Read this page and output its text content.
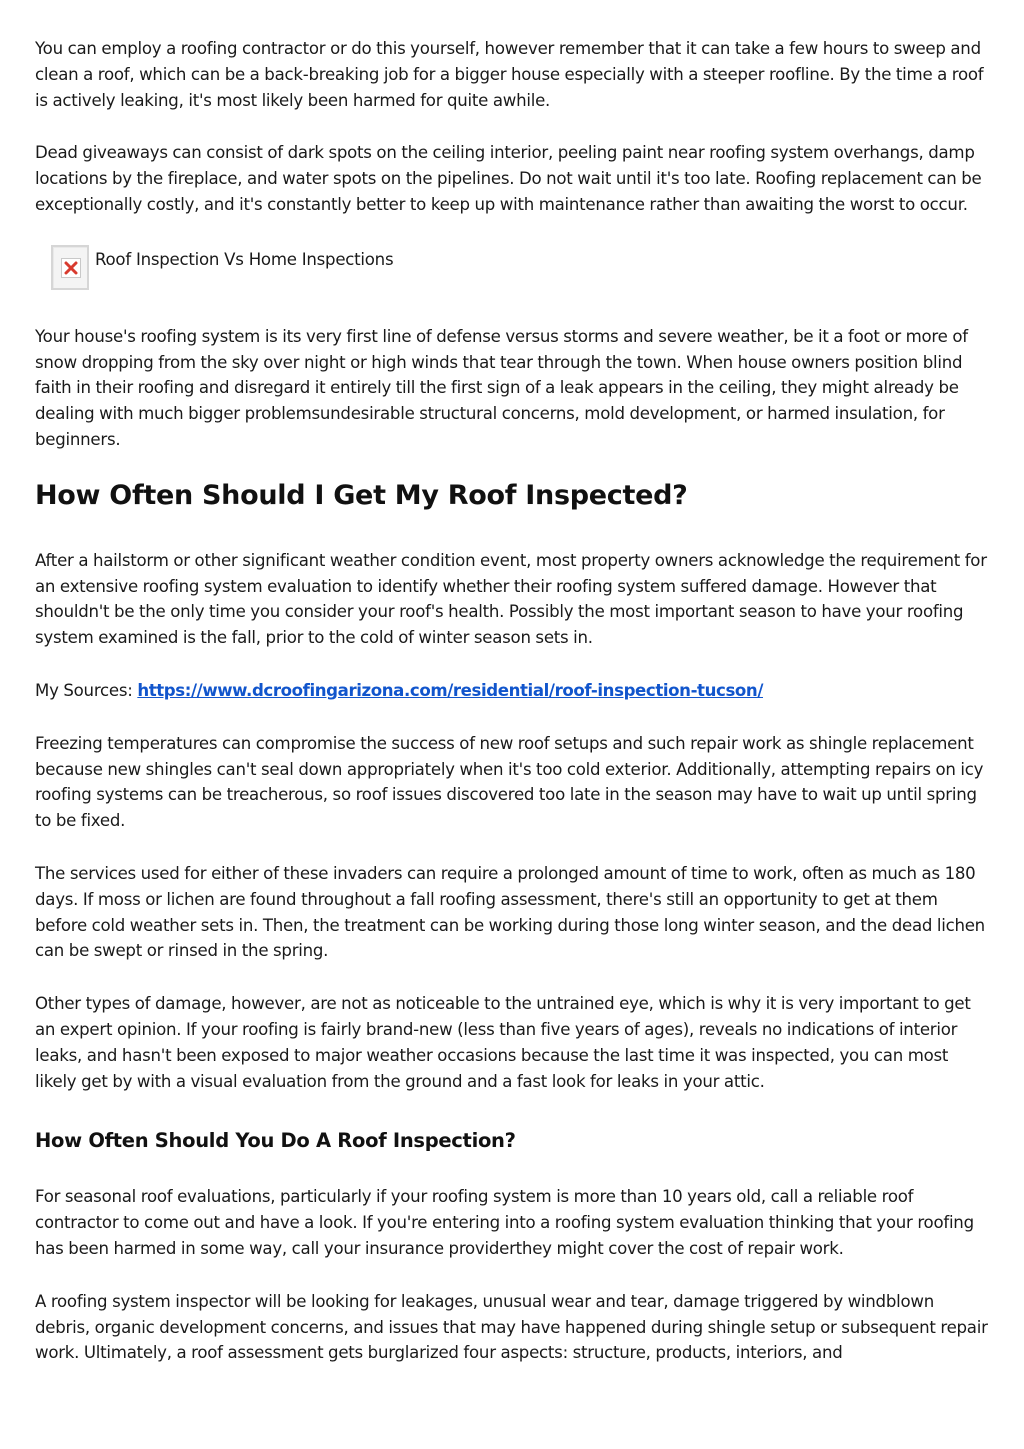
You can employ a roofing contractor or do this yourself, however remember that it can take a few hours to sweep and clean a roof, which can be a back-breaking job for a bigger house especially with a steeper roofline. By the time a roof is actively leaking, it's most likely been harmed for quite awhile.

Dead giveaways can consist of dark spots on the ceiling interior, peeling paint near roofing system overhangs, damp locations by the fireplace, and water spots on the pipelines. Do not wait until it's too late. Roofing replacement can be exceptionally costly, and it's constantly better to keep up with maintenance rather than awaiting the worst to occur.

Roof Inspection Vs Home Inspections

Your house's roofing system is its very first line of defense versus storms and severe weather, be it a foot or more of snow dropping from the sky over night or high winds that tear through the town. When house owners position blind faith in their roofing and disregard it entirely till the first sign of a leak appears in the ceiling, they might already be dealing with much bigger problemsundesirable structural concerns, mold development, or harmed insulation, for beginners.

How Often Should I Get My Roof Inspected?

After a hailstorm or other significant weather condition event, most property owners acknowledge the requirement for an extensive roofing system evaluation to identify whether their roofing system suffered damage. However that shouldn't be the only time you consider your roof's health. Possibly the most important season to have your roofing system examined is the fall, prior to the cold of winter season sets in.

My Sources: https://www.dcroofingarizona.com/residential/roof-inspection-tucson/

Freezing temperatures can compromise the success of new roof setups and such repair work as shingle replacement because new shingles can't seal down appropriately when it's too cold exterior. Additionally, attempting repairs on icy roofing systems can be treacherous, so roof issues discovered too late in the season may have to wait up until spring to be fixed.

The services used for either of these invaders can require a prolonged amount of time to work, often as much as 180 days. If moss or lichen are found throughout a fall roofing assessment, there's still an opportunity to get at them before cold weather sets in. Then, the treatment can be working during those long winter season, and the dead lichen can be swept or rinsed in the spring.

Other types of damage, however, are not as noticeable to the untrained eye, which is why it is very important to get an expert opinion. If your roofing is fairly brand-new (less than five years of ages), reveals no indications of interior leaks, and hasn't been exposed to major weather occasions because the last time it was inspected, you can most likely get by with a visual evaluation from the ground and a fast look for leaks in your attic.

How Often Should You Do A Roof Inspection?

For seasonal roof evaluations, particularly if your roofing system is more than 10 years old, call a reliable roof contractor to come out and have a look. If you're entering into a roofing system evaluation thinking that your roofing has been harmed in some way, call your insurance providerthey might cover the cost of repair work.

A roofing system inspector will be looking for leakages, unusual wear and tear, damage triggered by windblown debris, organic development concerns, and issues that may have happened during shingle setup or subsequent repair work. Ultimately, a roof assessment gets burglarized four aspects: structure, products, interiors, and
